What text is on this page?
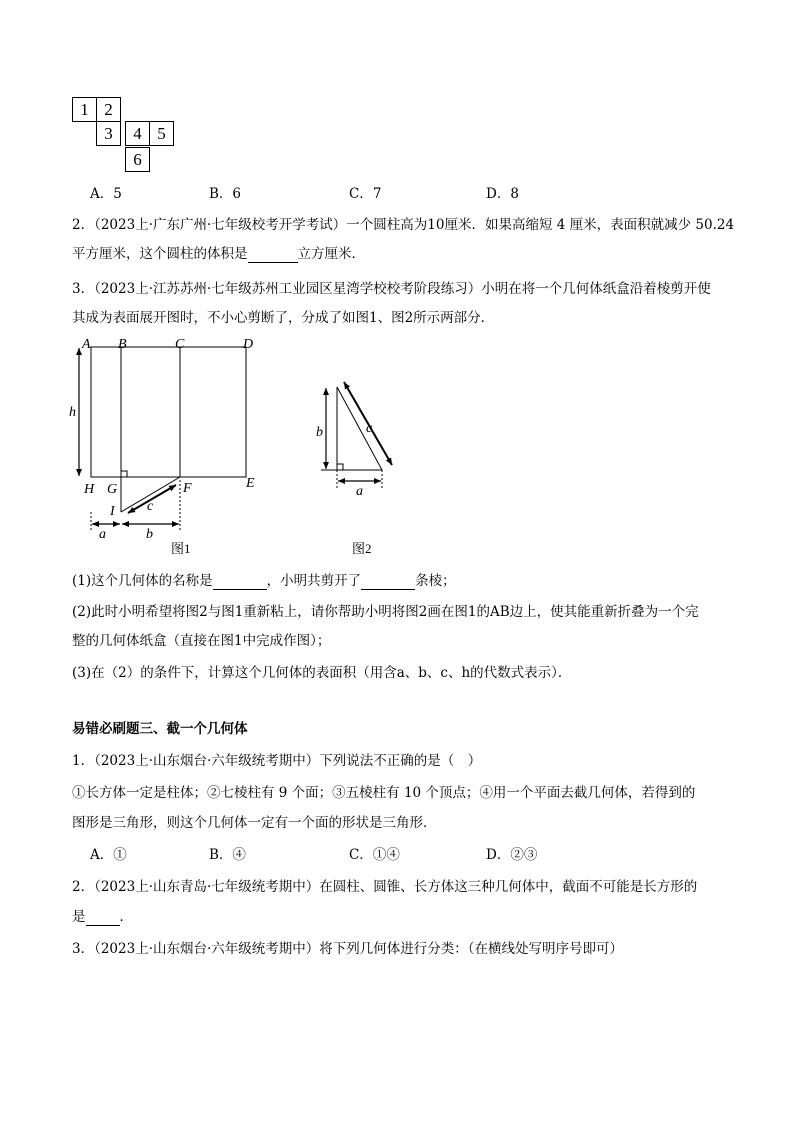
1 2
3	4 5
6
A．5	B．6	C．7	D．8
2．（2023上·广东广州·七年级校考开学考试）一个圆柱高为10厘米．如果高缩短 4 厘米，表面积就减少 50.24
平方厘米，这个圆柱的体积是	立方厘米．
3．（2023上·江苏苏州·七年级苏州工业园区星湾学校校考阶段练习）小明在将一个几何体纸盒沿着棱剪开使
其成为表面展开图时，不小心剪断了，分成了如图1、图2所示两部分．
A B	C	D
h
H G	F	E
I c
a	b
图1
b	c
a
图2
(1)这个几何体的名称是	，小明共剪开了	条棱；
(2)此时小明希望将图2与图1重新粘上，请你帮助小明将图2画在图1的AB边上，使其能重新折叠为一个完
整的几何体纸盒（直接在图1中完成作图）；
(3)在（2）的条件下，计算这个几何体的表面积（用含a、b、c、h的代数式表示）．
易错必刷题三、截一个几何体
1．（2023上·山东烟台·六年级统考期中）下列说法不正确的是（　）
①长方体一定是柱体；②七棱柱有 9 个面；③五棱柱有 10 个顶点；④用一个平面去截几何体，若得到的
图形是三角形，则这个几何体一定有一个面的形状是三角形．
A．①	B．④	C．①④	D．②③
2．（2023上·山东青岛·七年级统考期中）在圆柱、圆锥、长方体这三种几何体中，截面不可能是长方形的
是	．
3．（2023上·山东烟台·六年级统考期中）将下列几何体进行分类：（在横线处写明序号即可）
